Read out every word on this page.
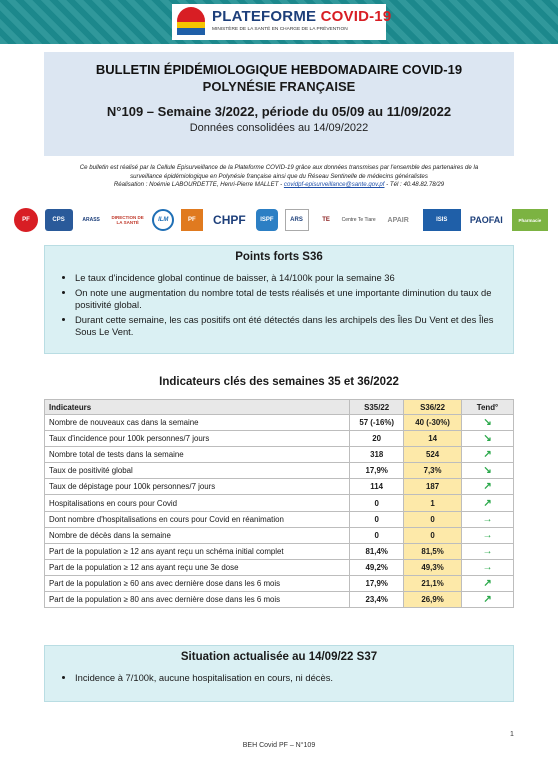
PLATEFORME COVID-19
MINISTÈRE DE LA SANTÉ EN CHARGE DE LA PRÉVENTION
BULLETIN ÉPIDÉMIOLOGIQUE HEBDOMADAIRE COVID-19
POLYNÉSIE FRANÇAISE
N°109 – Semaine 3/2022, période du 05/09 au 11/09/2022
Données consolidées au 14/09/2022
Ce bulletin est réalisé par la Cellule Episurveillance de la Plateforme COVID-19 grâce aux données transmises par l'ensemble des partenaires de la
surveillance épidémiologique en Polynésie française ainsi que du Réseau Sentinelle de médecins généralistes
Réalisation : Noémie LABOURDETTE, Henri-Pierre MALLET - covidpf-episurveillance@sante.gov.pf - Tél : 40.48.82.78/29
PF	CPS	ARASS	DIRECTION DE LA SANTÉ	ILM	PF	CHPF	ISPF	ARS	TE	Centre Te Tiare	APAIR	ISIS	PAOFAI	Pharmacie
Points forts S36
• Le taux d'incidence global continue de baisser, à 14/100k pour la semaine 36
• On note une augmentation du nombre total de tests réalisés et une importante diminution du taux de positivité global.
• Durant cette semaine, les cas positifs ont été détectés dans les archipels des Îles Du Vent et des Îles Sous Le Vent.
Indicateurs clés des semaines 35 et 36/2022
Indicateurs	S35/22	S36/22	Tend°
Nombre de nouveaux cas dans la semaine	57 (-16%)	40 (-30%)	↘
Taux d'incidence pour 100k personnes/7 jours	20	14	↘
Nombre total de tests dans la semaine	318	524	↗
Taux de positivité global	17,9%	7,3%	↘
Taux de dépistage pour 100k personnes/7 jours	114	187	↗
Hospitalisations en cours pour Covid	0	1	↗
Dont nombre d'hospitalisations en cours pour Covid en réanimation	0	0	→
Nombre de décès dans la semaine	0	0	→
Part de la population ≥ 12 ans ayant reçu un schéma initial complet	81,4%	81,5%	→
Part de la population ≥ 12 ans ayant reçu une 3e dose	49,2%	49,3%	→
Part de la population ≥ 60 ans avec dernière dose dans les 6 mois	17,9%	21,1%	↗
Part de la population ≥ 80 ans avec dernière dose dans les 6 mois	23,4%	26,9%	↗
Situation actualisée au 14/09/22 S37
• Incidence à 7/100k, aucune hospitalisation en cours, ni décès.
1
BEH Covid PF – N°109
